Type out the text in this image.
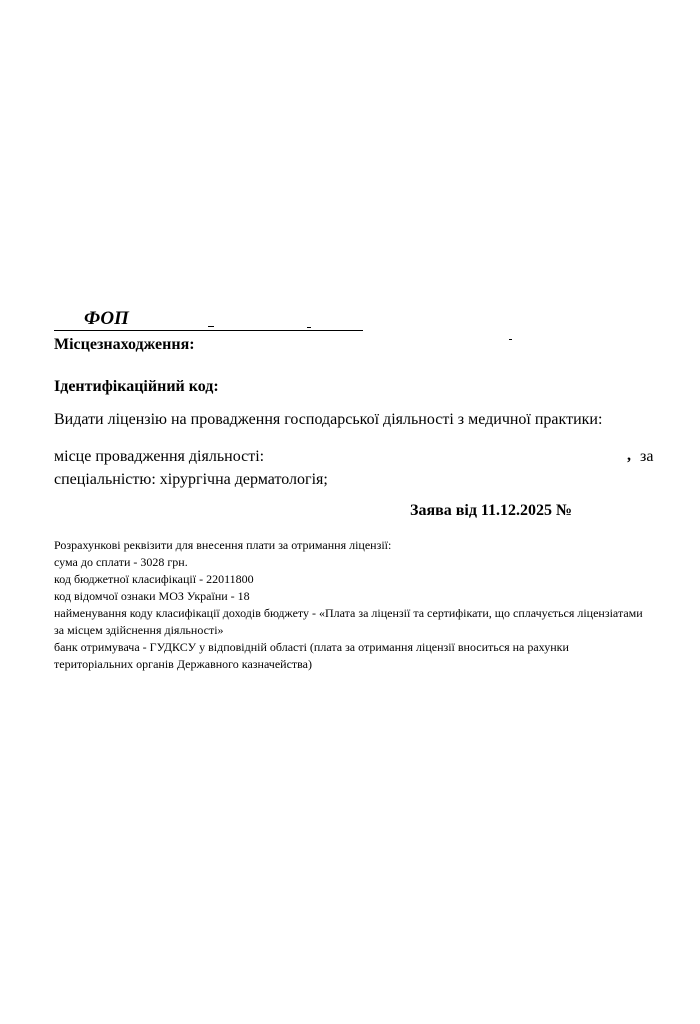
ФОП
Місцезнаходження:
Ідентифікаційний код:
Видати ліцензію на провадження господарської діяльності з медичної практики:
місце провадження діяльності:	, за
спеціальністю: хірургічна дерматологія;
Заява від 11.12.2025 №
Розрахункові реквізити для внесення плати за отримання ліцензії:
сума до сплати - 3028 грн.
код бюджетної класифікації - 22011800
код відомчої ознаки МОЗ України - 18
найменування коду класифікації доходів бюджету - «Плата за ліцензії та сертифікати, що сплачується ліцензіатами за місцем здійснення діяльності»
банк отримувача - ГУДКСУ у відповідній області (плата за отримання ліцензії вноситься на рахунки територіальних органів Державного казначейства)
